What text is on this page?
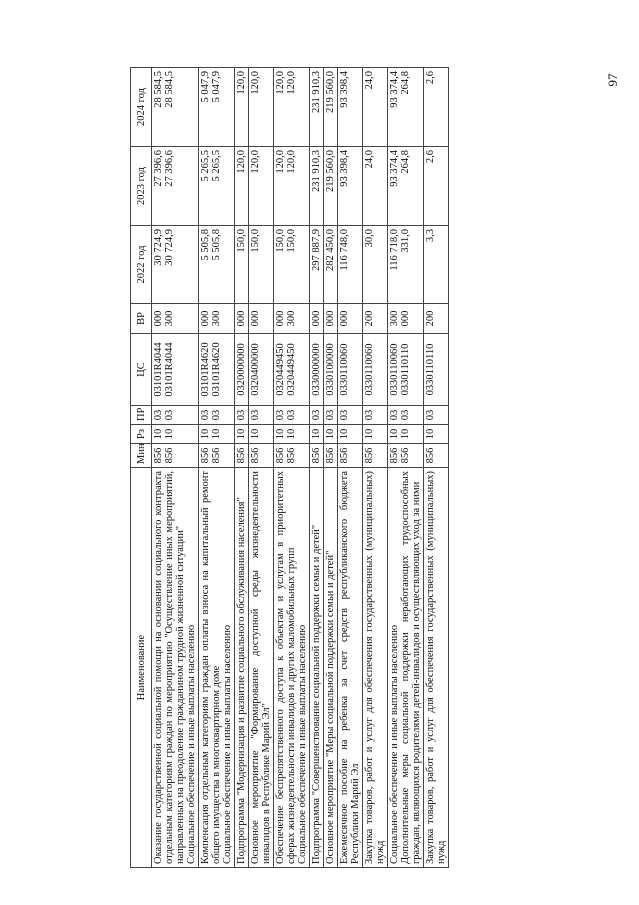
97
Наименование	Мин	Рз	ПР	ЦС	ВР	2022 год	2023 год	2024 год

Оказание государственной социальной помощи на основании социального контракта отдельным категориям граждан по мероприятию "Осуществление иных мероприятий, направленных на преодоление гражданином трудной жизненной ситуации" Социальное обеспечение и иные выплаты населению	856 856	10 10	03 03	03101R4044 03101R4044	000 300	30 724,9 30 724,9	27 396,6 27 396,6	28 584,5 28 584,5

Компенсация отдельным категориям граждан оплаты взноса на капитальный ремонт общего имущества в многоквартирном доме Социальное обеспечение и иные выплаты населению	856 856	10 10	03 03	03101R4620 03101R4620	000 300	5 505,8 5 505,8	5 265,5 5 265,5	5 047,9 5 047,9

Подпрограмма "Модернизация и развитие социального обслуживания населения"	856	10	03	0320000000	000	150,0	120,0	120,0

Основное мероприятие "Формирование доступной среды жизнедеятельности инвалидов в Республике Марий Эл"	856	10	03	0320400000	000	150,0	120,0	120,0

Обеспечение беспрепятственного доступа к объектам и услугам в приоритетных сферах жизнедеятельности инвалидов и других маломобильных групп Социальное обеспечение и иные выплаты населению	856 856	10 10	03 03	0320449450 0320449450	000 300	150,0 150,0	120,0 120,0	120,0 120,0

Подпрограмма "Совершенствование социальной поддержки семьи и детей"	856	10	03	0330000000	000	297 887,9	231 910,3	231 910,3

Основное мероприятие "Меры социальной поддержки семьи и детей"	856	10	03	0330100000	000	282 450,0	219 560,0	219 560,0

Ежемесячное пособие на ребенка за счет средств республиканского бюджета Республики Марий Эл	856	10	03	0330110060	000	116 748,0	93 398,4	93 398,4

Закупка товаров, работ и услуг для обеспечения государственных (муниципальных) нужд	856	10	03	0330110060	200	30,0	24,0	24,0

Социальное обеспечение и иные выплаты населению Дополнительные меры социальной поддержки неработающих трудоспособных граждан, являющихся родителями детей-инвалидов и осуществляющих уход за ними	856 856	10 10	03 03	0330110060 0330110110	300 000	116 718,0 331,0	93 374,4 264,8	93 374,4 264,8

Закупка товаров, работ и услуг для обеспечения государственных (муниципальных) нужд	856	10	03	0330110110	200	3,3	2,6	2,6
